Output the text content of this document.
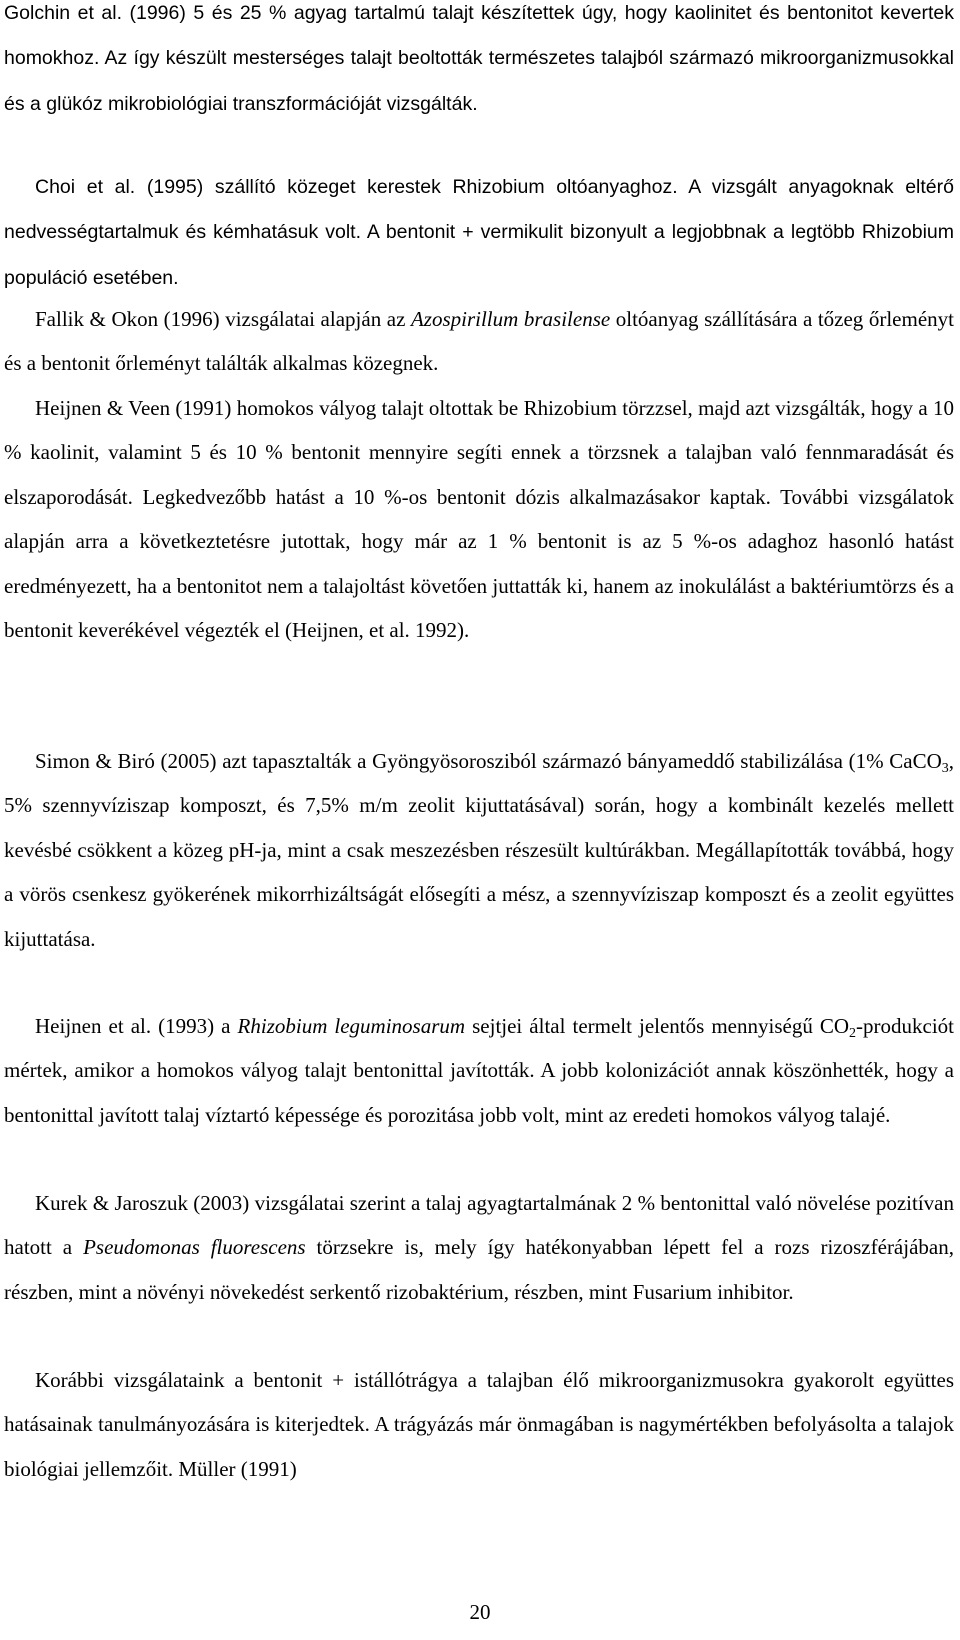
Golchin et al. (1996) 5 és 25 % agyag tartalmú talajt készítettek úgy, hogy kaolinitet és bentonitot kevertek homokhoz. Az így készült mesterséges talajt beoltották természetes talajból származó mikroorganizmusokkal és a glükóz mikrobiológiai transzformációját vizsgálták.

Choi et al. (1995) szállító közeget kerestek Rhizobium oltóanyaghoz. A vizsgált anyagoknak eltérő nedvességtartalmuk és kémhatásuk volt. A bentonit + vermikulit bizonyult a legjobbnak a legtöbb Rhizobium populáció esetében.

Fallik & Okon (1996) vizsgálatai alapján az Azospirillum brasilense oltóanyag szállítására a tőzeg őrleményt és a bentonit őrleményt találták alkalmas közegnek.

Heijnen & Veen (1991) homokos vályog talajt oltottak be Rhizobium törzzsel, majd azt vizsgálták, hogy a 10 % kaolinit, valamint 5 és 10 % bentonit mennyire segíti ennek a törzsnek a talajban való fennmaradását és elszaporodását. Legkedvezőbb hatást a 10 %-os bentonit dózis alkalmazásakor kaptak. További vizsgálatok alapján arra a következtetésre jutottak, hogy már az 1 % bentonit is az 5 %-os adaghoz hasonló hatást eredményezett, ha a bentonitot nem a talajoltást követően juttatták ki, hanem az inokulálást a baktériumtörzs és a bentonit keverékével végezték el (Heijnen, et al. 1992).

Simon & Biró (2005) azt tapasztalták a Gyöngyösorosziból származó bányameddő stabilizálása (1% CaCO$_3$, 5% szennyvíziszap komposzt, és 7,5% m/m zeolit kijuttatásával) során, hogy a kombinált kezelés mellett kevésbé csökkent a közeg pH-ja, mint a csak meszezésben részesült kultúrákban. Megállapították továbbá, hogy a vörös csenkesz gyökerének mikorrhizáltságát elősegíti a mész, a szennyvíziszap komposzt és a zeolit együttes kijuttatása.

Heijnen et al. (1993) a Rhizobium leguminosarum sejtjei által termelt jelentős mennyiségű $CO_2$-produkciót mértek, amikor a homokos vályog talajt bentonittal javították. A jobb kolonizációt annak köszönhették, hogy a bentonittal javított talaj víztartó képessége és porozitása jobb volt, mint az eredeti homokos vályog talajé.

Kurek & Jaroszuk (2003) vizsgálatai szerint a talaj agyagtartalmának 2 % bentonittal való növelése pozitívan hatott a Pseudomonas fluorescens törzsekre is, mely így hatékonyabban lépett fel a rozs rizoszférájában, részben, mint a növényi növekedést serkentő rizobaktérium, részben, mint Fusarium inhibitor.

Korábbi vizsgálataink a bentonit + istállótrágya a talajban élő mikroorganizmusokra gyakorolt együttes hatásainak tanulmányozására is kiterjedtek. A trágyázás már önmagában is nagymértékben befolyásolta a talajok biológiai jellemzőit. Müller (1991)

20
